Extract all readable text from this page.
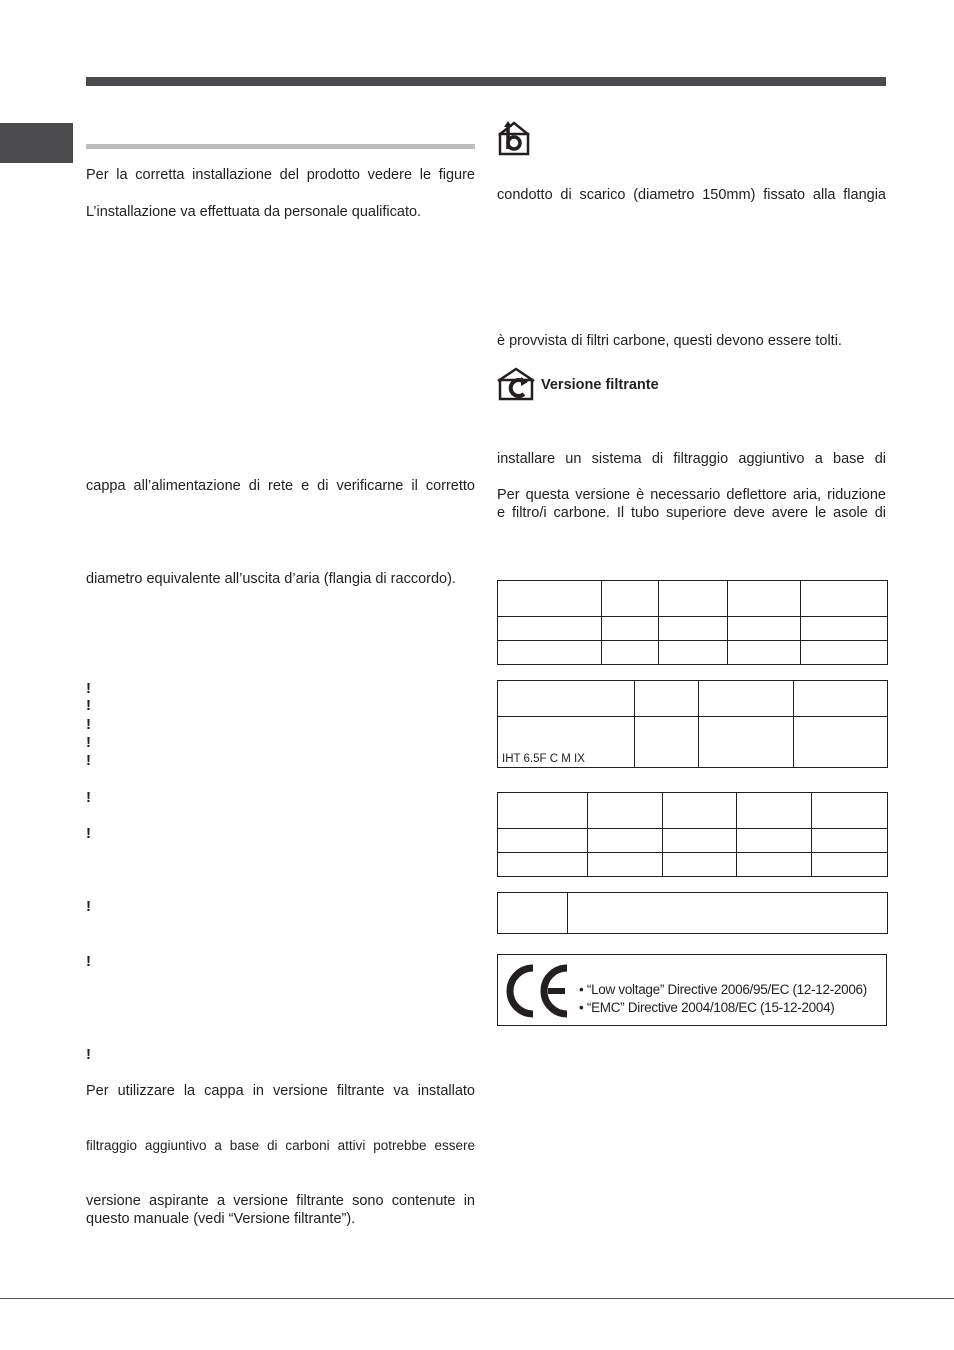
Per la corretta installazione del prodotto vedere le figure
L’installazione va effettuata da personale qualificato.
cappa all’alimentazione di rete e di verificarne il corretto
diametro equivalente all’uscita d’aria (flangia di raccordo).
!
!
!
!
!
!
!
!
!
!
Per utilizzare la cappa in versione filtrante va installato
filtraggio aggiuntivo a base di carboni attivi potrebbe essere
versione aspirante a versione filtrante sono contenute in
questo manuale (vedi “Versione filtrante”).
condotto di scarico (diametro 150mm) fissato alla flangia
è provvista di filtri carbone, questi devono essere tolti.
Versione filtrante
installare un sistema di filtraggio aggiuntivo a base di
Per questa versione è necessario deflettore aria, riduzione
e filtro/i carbone. Il tubo superiore deve avere le asole di

IHT 6.5F C M IX			

• “Low voltage” Directive 2006/95/EC (12-12-2006)
• “EMC” Directive 2004/108/EC (15-12-2004)
